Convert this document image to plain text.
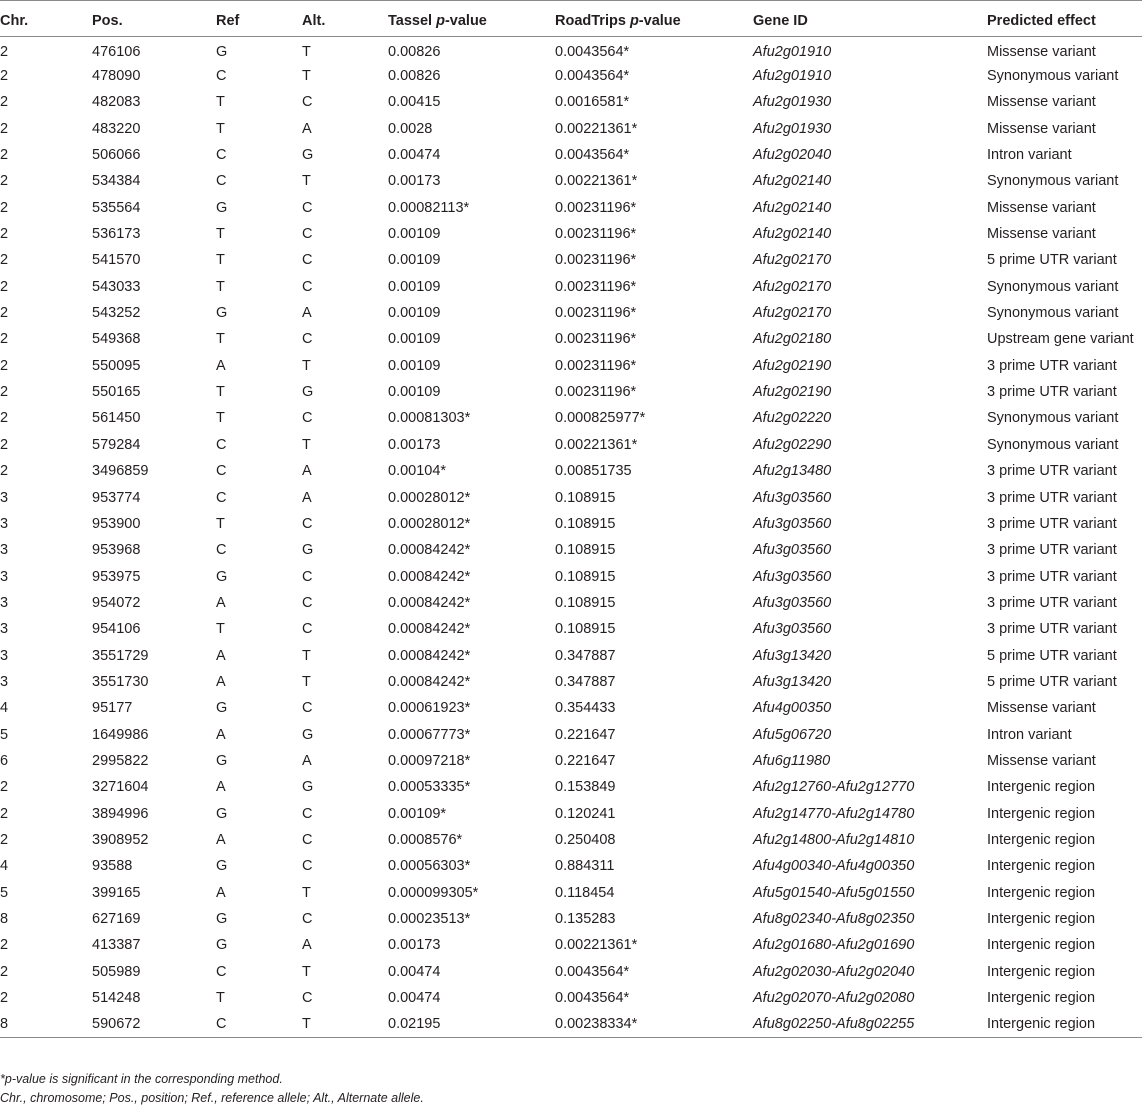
Chr.	Pos.	Ref	Alt.	Tassel p-value	RoadTrips p-value	Gene ID	Predicted effect
2	476106	G	T	0.00826	0.0043564*	Afu2g01910	Missense variant
2	478090	C	T	0.00826	0.0043564*	Afu2g01910	Synonymous variant
2	482083	T	C	0.00415	0.0016581*	Afu2g01930	Missense variant
2	483220	T	A	0.0028	0.00221361*	Afu2g01930	Missense variant
2	506066	C	G	0.00474	0.0043564*	Afu2g02040	Intron variant
2	534384	C	T	0.00173	0.00221361*	Afu2g02140	Synonymous variant
2	535564	G	C	0.00082113*	0.00231196*	Afu2g02140	Missense variant
2	536173	T	C	0.00109	0.00231196*	Afu2g02140	Missense variant
2	541570	T	C	0.00109	0.00231196*	Afu2g02170	5 prime UTR variant
2	543033	T	C	0.00109	0.00231196*	Afu2g02170	Synonymous variant
2	543252	G	A	0.00109	0.00231196*	Afu2g02170	Synonymous variant
2	549368	T	C	0.00109	0.00231196*	Afu2g02180	Upstream gene variant
2	550095	A	T	0.00109	0.00231196*	Afu2g02190	3 prime UTR variant
2	550165	T	G	0.00109	0.00231196*	Afu2g02190	3 prime UTR variant
2	561450	T	C	0.00081303*	0.000825977*	Afu2g02220	Synonymous variant
2	579284	C	T	0.00173	0.00221361*	Afu2g02290	Synonymous variant
2	3496859	C	A	0.00104*	0.00851735	Afu2g13480	3 prime UTR variant
3	953774	C	A	0.00028012*	0.108915	Afu3g03560	3 prime UTR variant
3	953900	T	C	0.00028012*	0.108915	Afu3g03560	3 prime UTR variant
3	953968	C	G	0.00084242*	0.108915	Afu3g03560	3 prime UTR variant
3	953975	G	C	0.00084242*	0.108915	Afu3g03560	3 prime UTR variant
3	954072	A	C	0.00084242*	0.108915	Afu3g03560	3 prime UTR variant
3	954106	T	C	0.00084242*	0.108915	Afu3g03560	3 prime UTR variant
3	3551729	A	T	0.00084242*	0.347887	Afu3g13420	5 prime UTR variant
3	3551730	A	T	0.00084242*	0.347887	Afu3g13420	5 prime UTR variant
4	95177	G	C	0.00061923*	0.354433	Afu4g00350	Missense variant
5	1649986	A	G	0.00067773*	0.221647	Afu5g06720	Intron variant
6	2995822	G	A	0.00097218*	0.221647	Afu6g11980	Missense variant
2	3271604	A	G	0.00053335*	0.153849	Afu2g12760-Afu2g12770	Intergenic region
2	3894996	G	C	0.00109*	0.120241	Afu2g14770-Afu2g14780	Intergenic region
2	3908952	A	C	0.0008576*	0.250408	Afu2g14800-Afu2g14810	Intergenic region
4	93588	G	C	0.00056303*	0.884311	Afu4g00340-Afu4g00350	Intergenic region
5	399165	A	T	0.000099305*	0.118454	Afu5g01540-Afu5g01550	Intergenic region
8	627169	G	C	0.00023513*	0.135283	Afu8g02340-Afu8g02350	Intergenic region
2	413387	G	A	0.00173	0.00221361*	Afu2g01680-Afu2g01690	Intergenic region
2	505989	C	T	0.00474	0.0043564*	Afu2g02030-Afu2g02040	Intergenic region
2	514248	T	C	0.00474	0.0043564*	Afu2g02070-Afu2g02080	Intergenic region
8	590672	C	T	0.02195	0.00238334*	Afu8g02250-Afu8g02255	Intergenic region
*p-value is significant in the corresponding method.
Chr., chromosome; Pos., position; Ref., reference allele; Alt., Alternate allele.
